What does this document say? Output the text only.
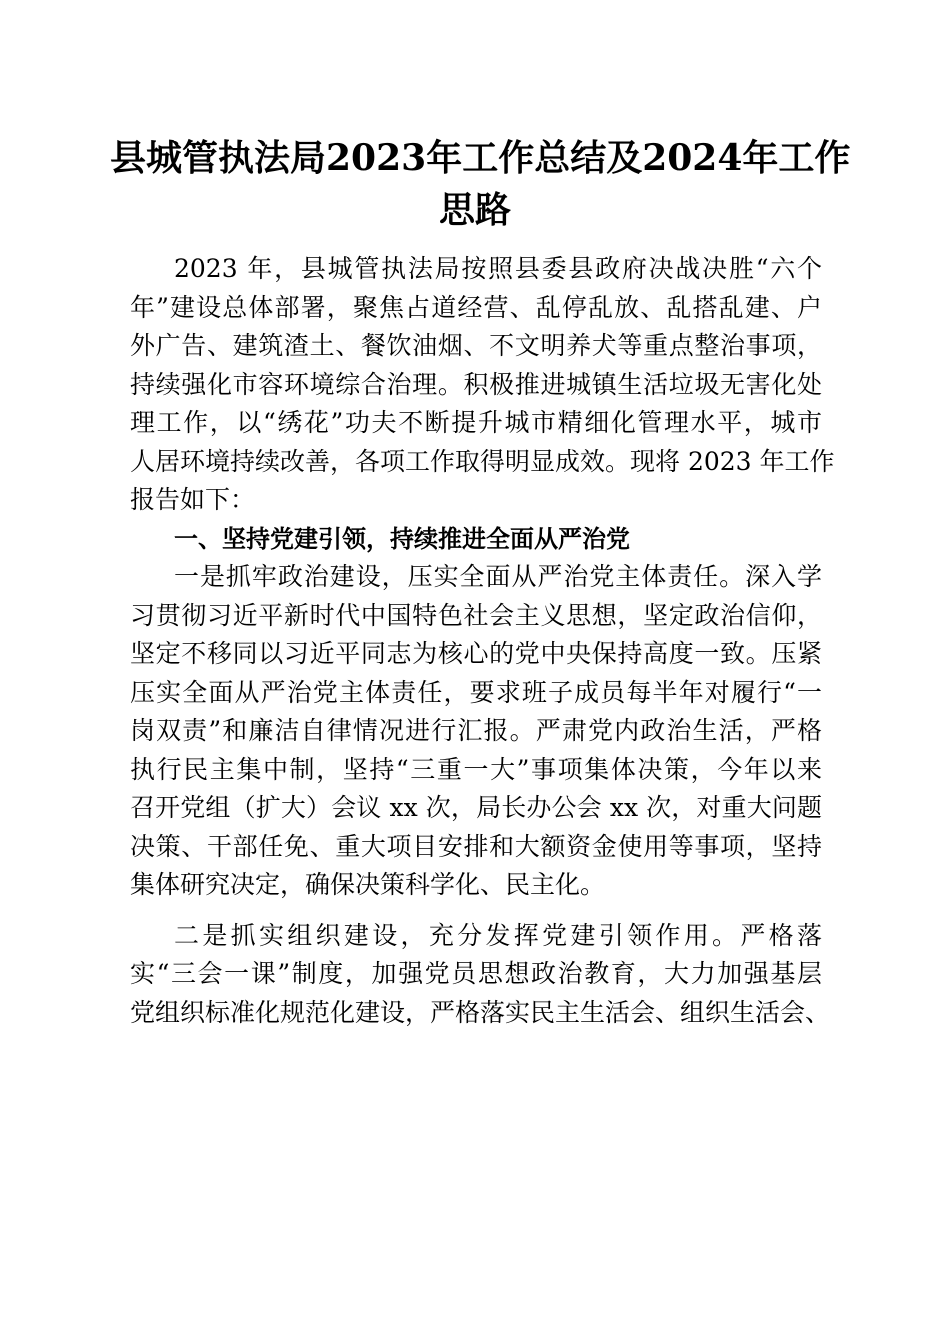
县城管执法局2023年工作总结及2024年工作
思路
2023 年，县城管执法局按照县委县政府决战决胜“六个
年”建设总体部署，聚焦占道经营、乱停乱放、乱搭乱建、户
外广告、建筑渣土、餐饮油烟、不文明养犬等重点整治事项，
持续强化市容环境综合治理。积极推进城镇生活垃圾无害化处
理工作，以“绣花”功夫不断提升城市精细化管理水平，城市
人居环境持续改善，各项工作取得明显成效。现将 2023 年工作
报告如下：
一、坚持党建引领，持续推进全面从严治党
一是抓牢政治建设，压实全面从严治党主体责任。深入学
习贯彻习近平新时代中国特色社会主义思想，坚定政治信仰，
坚定不移同以习近平同志为核心的党中央保持高度一致。压紧
压实全面从严治党主体责任，要求班子成员每半年对履行“一
岗双责”和廉洁自律情况进行汇报。严肃党内政治生活，严格
执行民主集中制，坚持“三重一大”事项集体决策，今年以来
召开党组（扩大）会议 xx 次，局长办公会 xx 次，对重大问题
决策、干部任免、重大项目安排和大额资金使用等事项，坚持
集体研究决定，确保决策科学化、民主化。
二是抓实组织建设，充分发挥党建引领作用。严格落
实“三会一课”制度，加强党员思想政治教育，大力加强基层
党组织标准化规范化建设，严格落实民主生活会、组织生活会、
